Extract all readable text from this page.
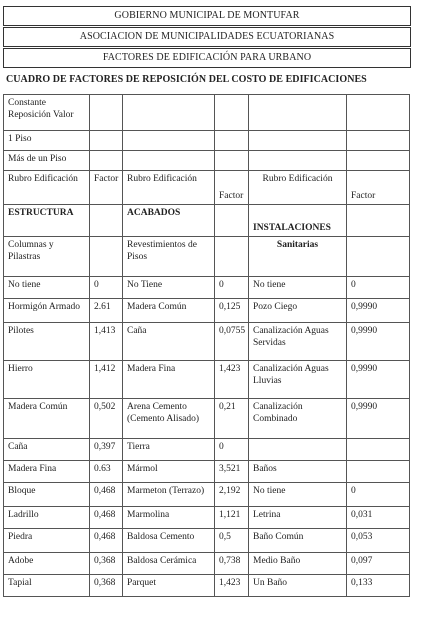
GOBIERNO MUNICIPAL DE MONTUFAR
ASOCIACION DE MUNICIPALIDADES ECUATORIANAS
FACTORES DE EDIFICACIÓN PARA URBANO
CUADRO DE FACTORES DE REPOSICIÓN DEL COSTO DE EDIFICACIONES
Constante Reposición Valor					
1 Piso					
Más de un Piso					
Rubro Edificación	Factor	Rubro Edificación	Factor	Rubro Edificación	Factor
ESTRUCTURA		ACABADOS		INSTALACIONES	
Columnas y Pilastras		Revestimientos de Pisos		Sanitarias	
No tiene	0	No Tiene	0	No tiene	0
Hormigón Armado	2.61	Madera Común	0,125	Pozo Ciego	0,9990
Pilotes	1,413	Caña	0,0755	Canalización Aguas Servidas	0,9990
Hierro	1,412	Madera Fina	1,423	Canalización Aguas Lluvias	0,9990
Madera Común	0,502	Arena Cemento (Cemento Alisado)	0,21	Canalización Combinado	0,9990
Caña	0,397	Tierra	0		
Madera Fina	0.63	Mármol	3,521	Baños	
Bloque	0,468	Marmeton (Terrazo)	2,192	No tiene	0
Ladrillo	0,468	Marmolina	1,121	Letrina	0,031
Piedra	0,468	Baldosa Cemento	0,5	Baño Común	0,053
Adobe	0,368	Baldosa Cerámica	0,738	Medio Baño	0,097
Tapial	0,368	Parquet	1,423	Un Baño	0,133
